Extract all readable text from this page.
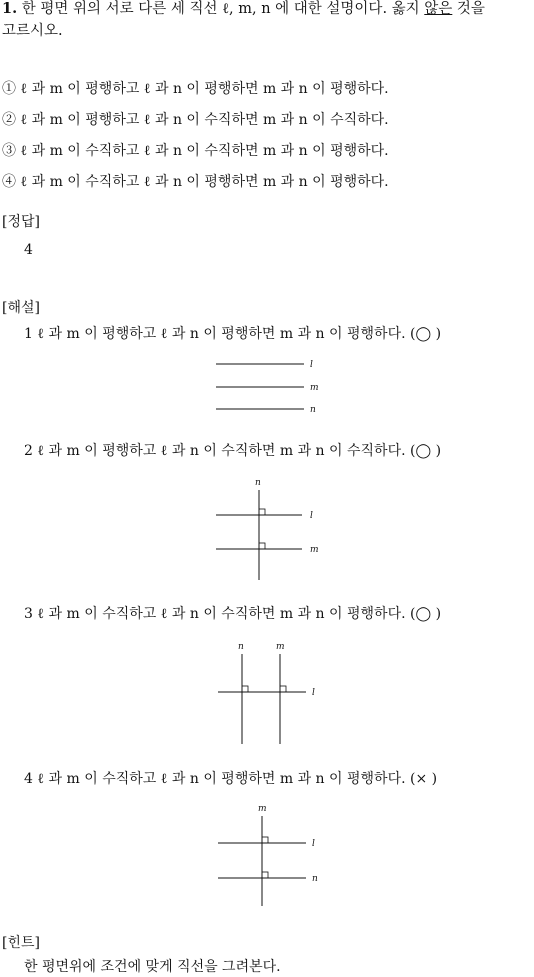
1. 한 평면 위의 서로 다른 세 직선 ℓ, m, n 에 대한 설명이다. 옳지 않은 것을
고르시오.
① ℓ 과 m 이 평행하고 ℓ 과 n 이 평행하면 m 과 n 이 평행하다.
② ℓ 과 m 이 평행하고 ℓ 과 n 이 수직하면 m 과 n 이 수직하다.
③ ℓ 과 m 이 수직하고 ℓ 과 n 이 수직하면 m 과 n 이 평행하다.
④ ℓ 과 m 이 수직하고 ℓ 과 n 이 평행하면 m 과 n 이 평행하다.
[정답]
4
[해설]
1 ℓ 과 m 이 평행하고 ℓ 과 n 이 평행하면 m 과 n 이 평행하다. (◯ )
l
m
n
2 ℓ 과 m 이 평행하고 ℓ 과 n 이 수직하면 m 과 n 이 수직하다. (◯ )
n
l
m
3 ℓ 과 m 이 수직하고 ℓ 과 n 이 수직하면 m 과 n 이 평행하다. (◯ )
n	m
l
4 ℓ 과 m 이 수직하고 ℓ 과 n 이 평행하면 m 과 n 이 평행하다. (× )
m
l
n
[힌트]
한 평면위에 조건에 맞게 직선을 그려본다.
